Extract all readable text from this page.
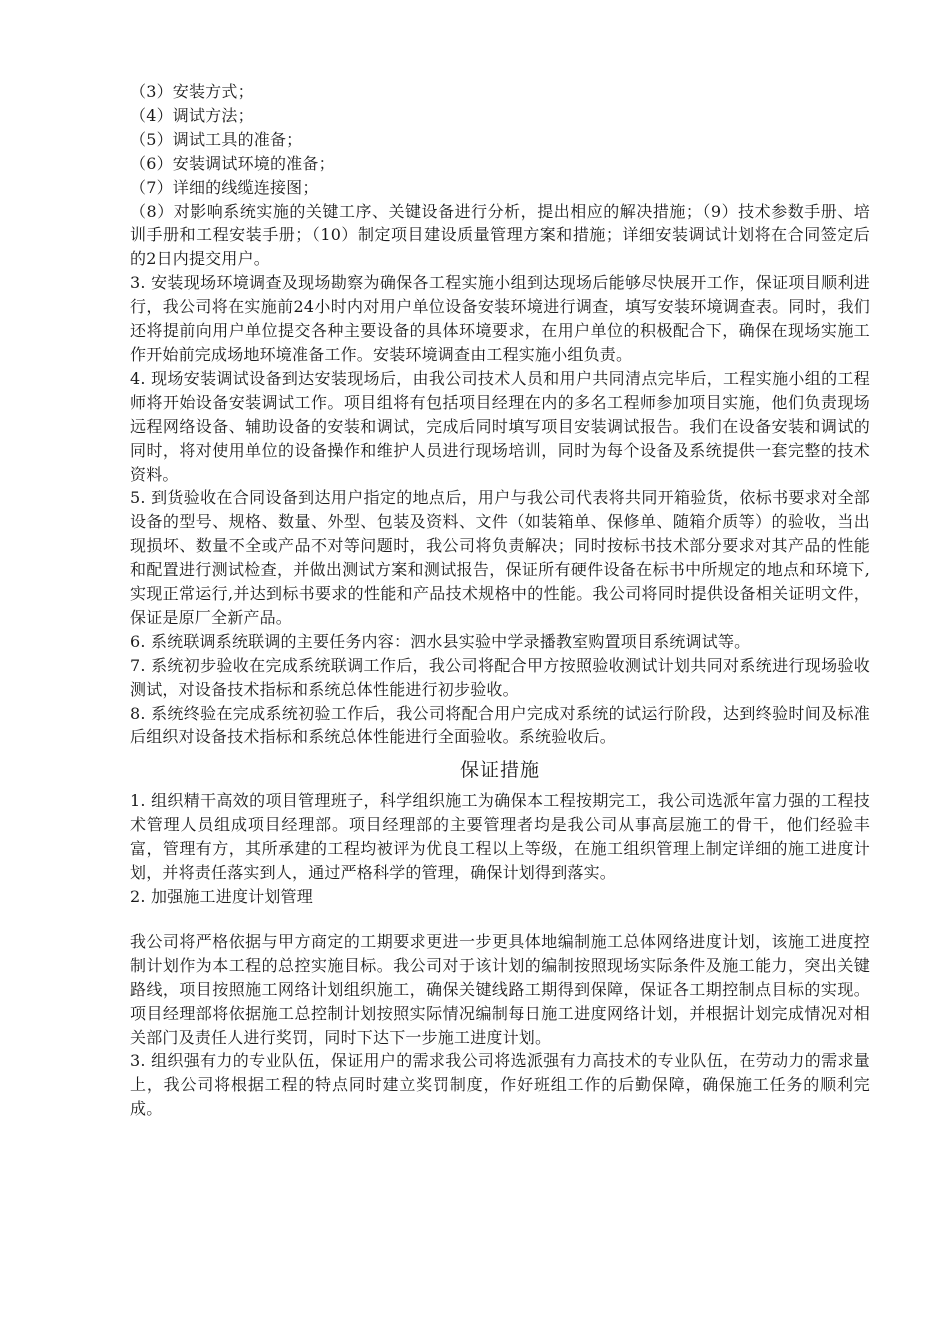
（3）安装方式；

（4）调试方法；

（5）调试工具的准备；

（6）安装调试环境的准备；

（7）详细的线缆连接图；

（8）对影响系统实施的关键工序、关键设备进行分析，提出相应的解决措施；（9）技术参数手册、培训手册和工程安装手册；（10）制定项目建设质量管理方案和措施；详细安装调试计划将在合同签定后的2日内提交用户。

3. 安装现场环境调查及现场勘察为确保各工程实施小组到达现场后能够尽快展开工作，保证项目顺利进行，我公司将在实施前24小时内对用户单位设备安装环境进行调查，填写安装环境调查表。同时，我们还将提前向用户单位提交各种主要设备的具体环境要求，在用户单位的积极配合下，确保在现场实施工作开始前完成场地环境准备工作。安装环境调查由工程实施小组负责。

4. 现场安装调试设备到达安装现场后，由我公司技术人员和用户共同清点完毕后，工程实施小组的工程师将开始设备安装调试工作。项目组将有包括项目经理在内的多名工程师参加项目实施，他们负责现场远程网络设备、辅助设备的安装和调试，完成后同时填写项目安装调试报告。我们在设备安装和调试的同时，将对使用单位的设备操作和维护人员进行现场培训，同时为每个设备及系统提供一套完整的技术资料。

5. 到货验收在合同设备到达用户指定的地点后，用户与我公司代表将共同开箱验货，依标书要求对全部设备的型号、规格、数量、外型、包装及资料、文件（如装箱单、保修单、随箱介质等）的验收，当出现损坏、数量不全或产品不对等问题时，我公司将负责解决；同时按标书技术部分要求对其产品的性能和配置进行测试检查，并做出测试方案和测试报告，保证所有硬件设备在标书中所规定的地点和环境下,实现正常运行,并达到标书要求的性能和产品技术规格中的性能。我公司将同时提供设备相关证明文件，保证是原厂全新产品。

6. 系统联调系统联调的主要任务内容：泗水县实验中学录播教室购置项目系统调试等。

7. 系统初步验收在完成系统联调工作后，我公司将配合甲方按照验收测试计划共同对系统进行现场验收测试，对设备技术指标和系统总体性能进行初步验收。

8. 系统终验在完成系统初验工作后，我公司将配合用户完成对系统的试运行阶段，达到终验时间及标准后组织对设备技术指标和系统总体性能进行全面验收。系统验收后。

保证措施

1. 组织精干高效的项目管理班子，科学组织施工为确保本工程按期完工，我公司选派年富力强的工程技术管理人员组成项目经理部。项目经理部的主要管理者均是我公司从事高层施工的骨干，他们经验丰富，管理有方，其所承建的工程均被评为优良工程以上等级，在施工组织管理上制定详细的施工进度计划，并将责任落实到人，通过严格科学的管理，确保计划得到落实。

2. 加强施工进度计划管理

我公司将严格依据与甲方商定的工期要求更进一步更具体地编制施工总体网络进度计划，该施工进度控制计划作为本工程的总控实施目标。我公司对于该计划的编制按照现场实际条件及施工能力，突出关键路线，项目按照施工网络计划组织施工，确保关键线路工期得到保障，保证各工期控制点目标的实现。项目经理部将依据施工总控制计划按照实际情况编制每日施工进度网络计划，并根据计划完成情况对相关部门及责任人进行奖罚，同时下达下一步施工进度计划。

3. 组织强有力的专业队伍，保证用户的需求我公司将选派强有力高技术的专业队伍，在劳动力的需求量上，我公司将根据工程的特点同时建立奖罚制度，作好班组工作的后勤保障，确保施工任务的顺利完成。
